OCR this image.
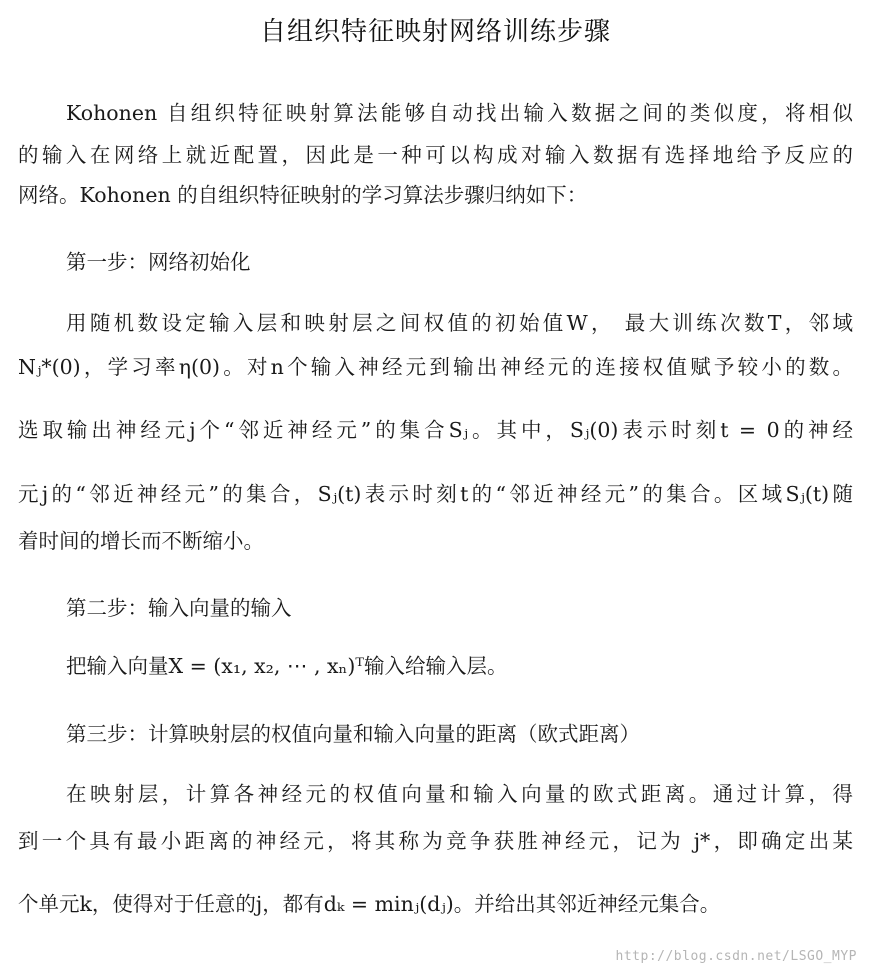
自组织特征映射网络训练步骤
Kohonen 自组织特征映射算法能够自动找出输入数据之间的类似度，将相似
的输入在网络上就近配置，因此是一种可以构成对输入数据有选择地给予反应的
网络。Kohonen 的自组织特征映射的学习算法步骤归纳如下：
第一步：网络初始化
用随机数设定输入层和映射层之间权值的初始值W， 最大训练次数T，邻域
Nⱼ*(0)，学习率η(0)。对n个输入神经元到输出神经元的连接权值赋予较小的数。
选取输出神经元j个“邻近神经元”的集合Sⱼ。其中，Sⱼ(0)表示时刻t = 0的神经
元j的“邻近神经元”的集合，Sⱼ(t)表示时刻t的“邻近神经元”的集合。区域Sⱼ(t)随
着时间的增长而不断缩小。
第二步：输入向量的输入
把输入向量X = (x₁, x₂, ⋯ , xₙ)ᵀ输入给输入层。
第三步：计算映射层的权值向量和输入向量的距离（欧式距离）
在映射层，计算各神经元的权值向量和输入向量的欧式距离。通过计算，得
到一个具有最小距离的神经元，将其称为竞争获胜神经元，记为 j*，即确定出某
个单元k，使得对于任意的j，都有dₖ = minⱼ(dⱼ)。并给出其邻近神经元集合。
http://blog.csdn.net/LSGO_MYP
